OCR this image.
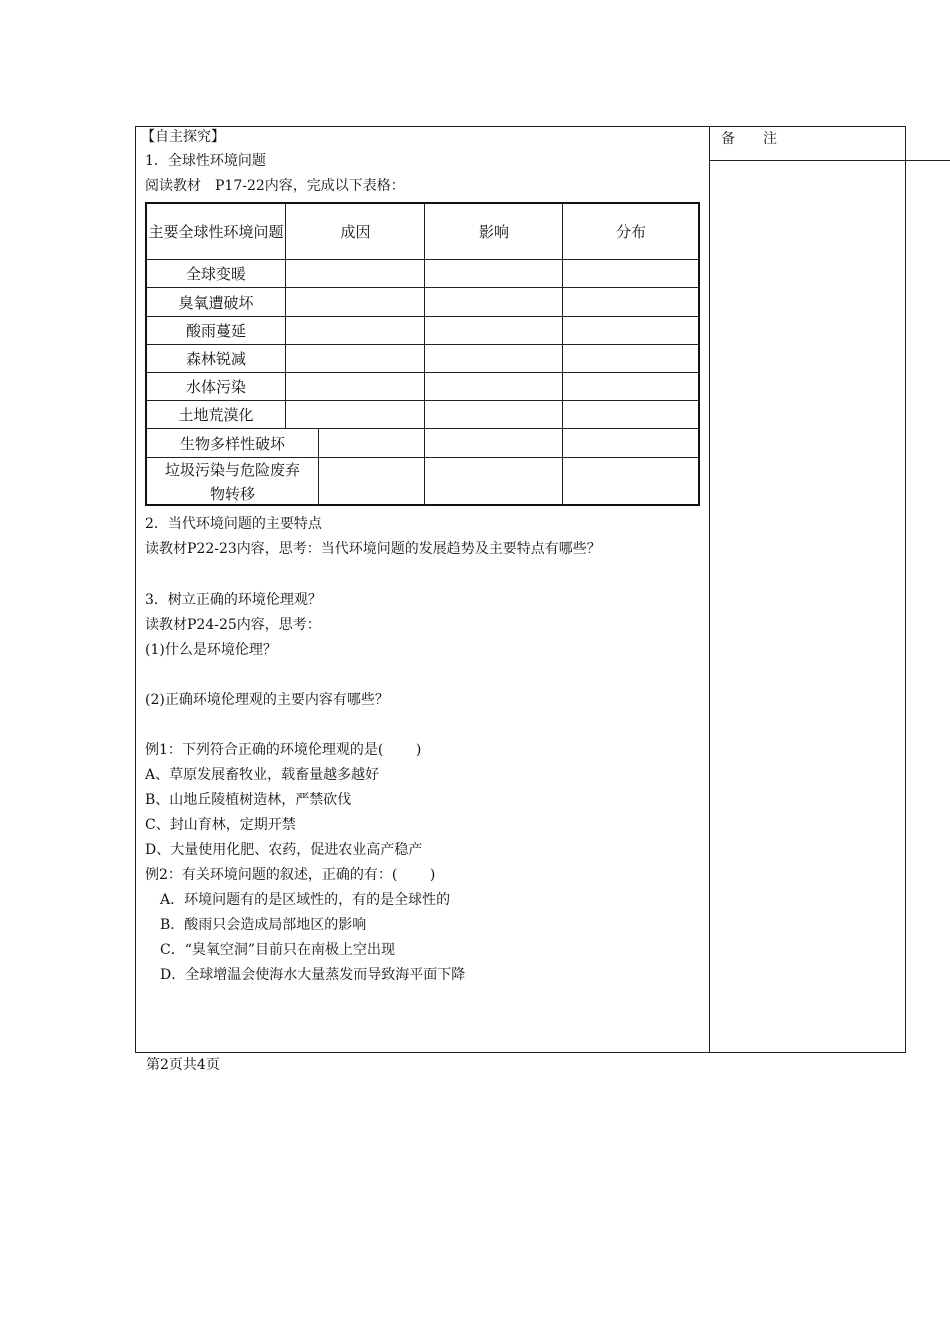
备　　注
【自主探究】
1．全球性环境问题
阅读教材　P17-22内容，完成以下表格：
主要全球性环境问题	成因	影响	分布
全球变暖
臭氧遭破坏
酸雨蔓延
森林锐减
水体污染
土地荒漠化
生物多样性破坏
垃圾污染与危险废弃物转移
2．当代环境问题的主要特点
读教材P22-23内容，思考：当代环境问题的发展趋势及主要特点有哪些？
3．树立正确的环境伦理观？
读教材P24-25内容，思考：
(1)什么是环境伦理？
(2)正确环境伦理观的主要内容有哪些？
例1：下列符合正确的环境伦理观的是(　　 )
A、草原发展畜牧业，载畜量越多越好
B、山地丘陵植树造林，严禁砍伐
C、封山育林，定期开禁
D、大量使用化肥、农药，促进农业高产稳产
例2：有关环境问题的叙述，正确的有：(　　 )
A．环境问题有的是区域性的，有的是全球性的
B．酸雨只会造成局部地区的影响
C．“臭氧空洞”目前只在南极上空出现
D．全球增温会使海水大量蒸发而导致海平面下降
第2页共4页
